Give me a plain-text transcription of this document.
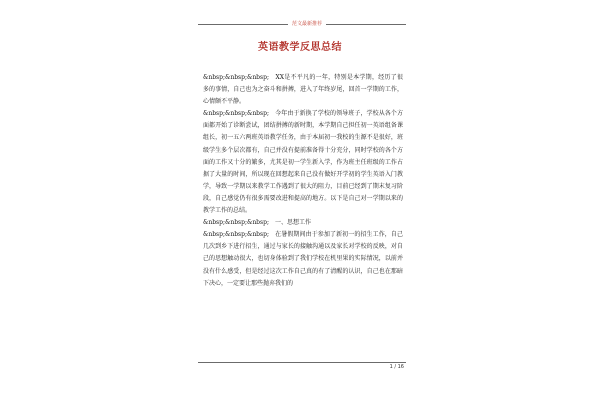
范文最新推荐
英语教学反思总结

&nbsp;&nbsp;&nbsp;　XX是不平凡的一年，特别是本学期，经历了很多的事情，自己也为之奋斗和拼搏，进入了年终岁尾，回首一学期的工作，心情颇不平静。

&nbsp;&nbsp;&nbsp;　今年由于新换了学校的领导班子，学校从各个方面都开始了诊断尝试，团结拼搏的新时期，本学期自己担任初一英语组备课组长，初一五六两班英语教学任务，由于本届初一我校的生源不是很好，班级学生多个层次都有，自己并没有提前准备得十分充分，同时学校的各个方面的工作又十分的繁多，尤其是初一学生新入学，作为班主任班级的工作占据了大量的时间，所以现在回想起来自己没有做好开学初的学生英语入门教学，导致一学期以来教学工作遇到了很大的阻力，目前已经到了期末复习阶段，自己感觉仍有很多需要改进和提高的地方。以下是自己对一学期以来的教学工作的总结。

&nbsp;&nbsp;&nbsp;　一、思想工作

&nbsp;&nbsp;&nbsp;　在暑假期间由于参加了新初一的招生工作，自己几次到乡下进行招生，通过与家长的接触沟通以及家长对学校的反映，对自己的思想触动很大，也切身体验到了我们学校在机里果的实际情况，以前并没有什么感受，但是经过这次工作自己真的有了清醒的认识，自己也在那暗下决心，一定要让那些抛弃我们的

1 / 16
